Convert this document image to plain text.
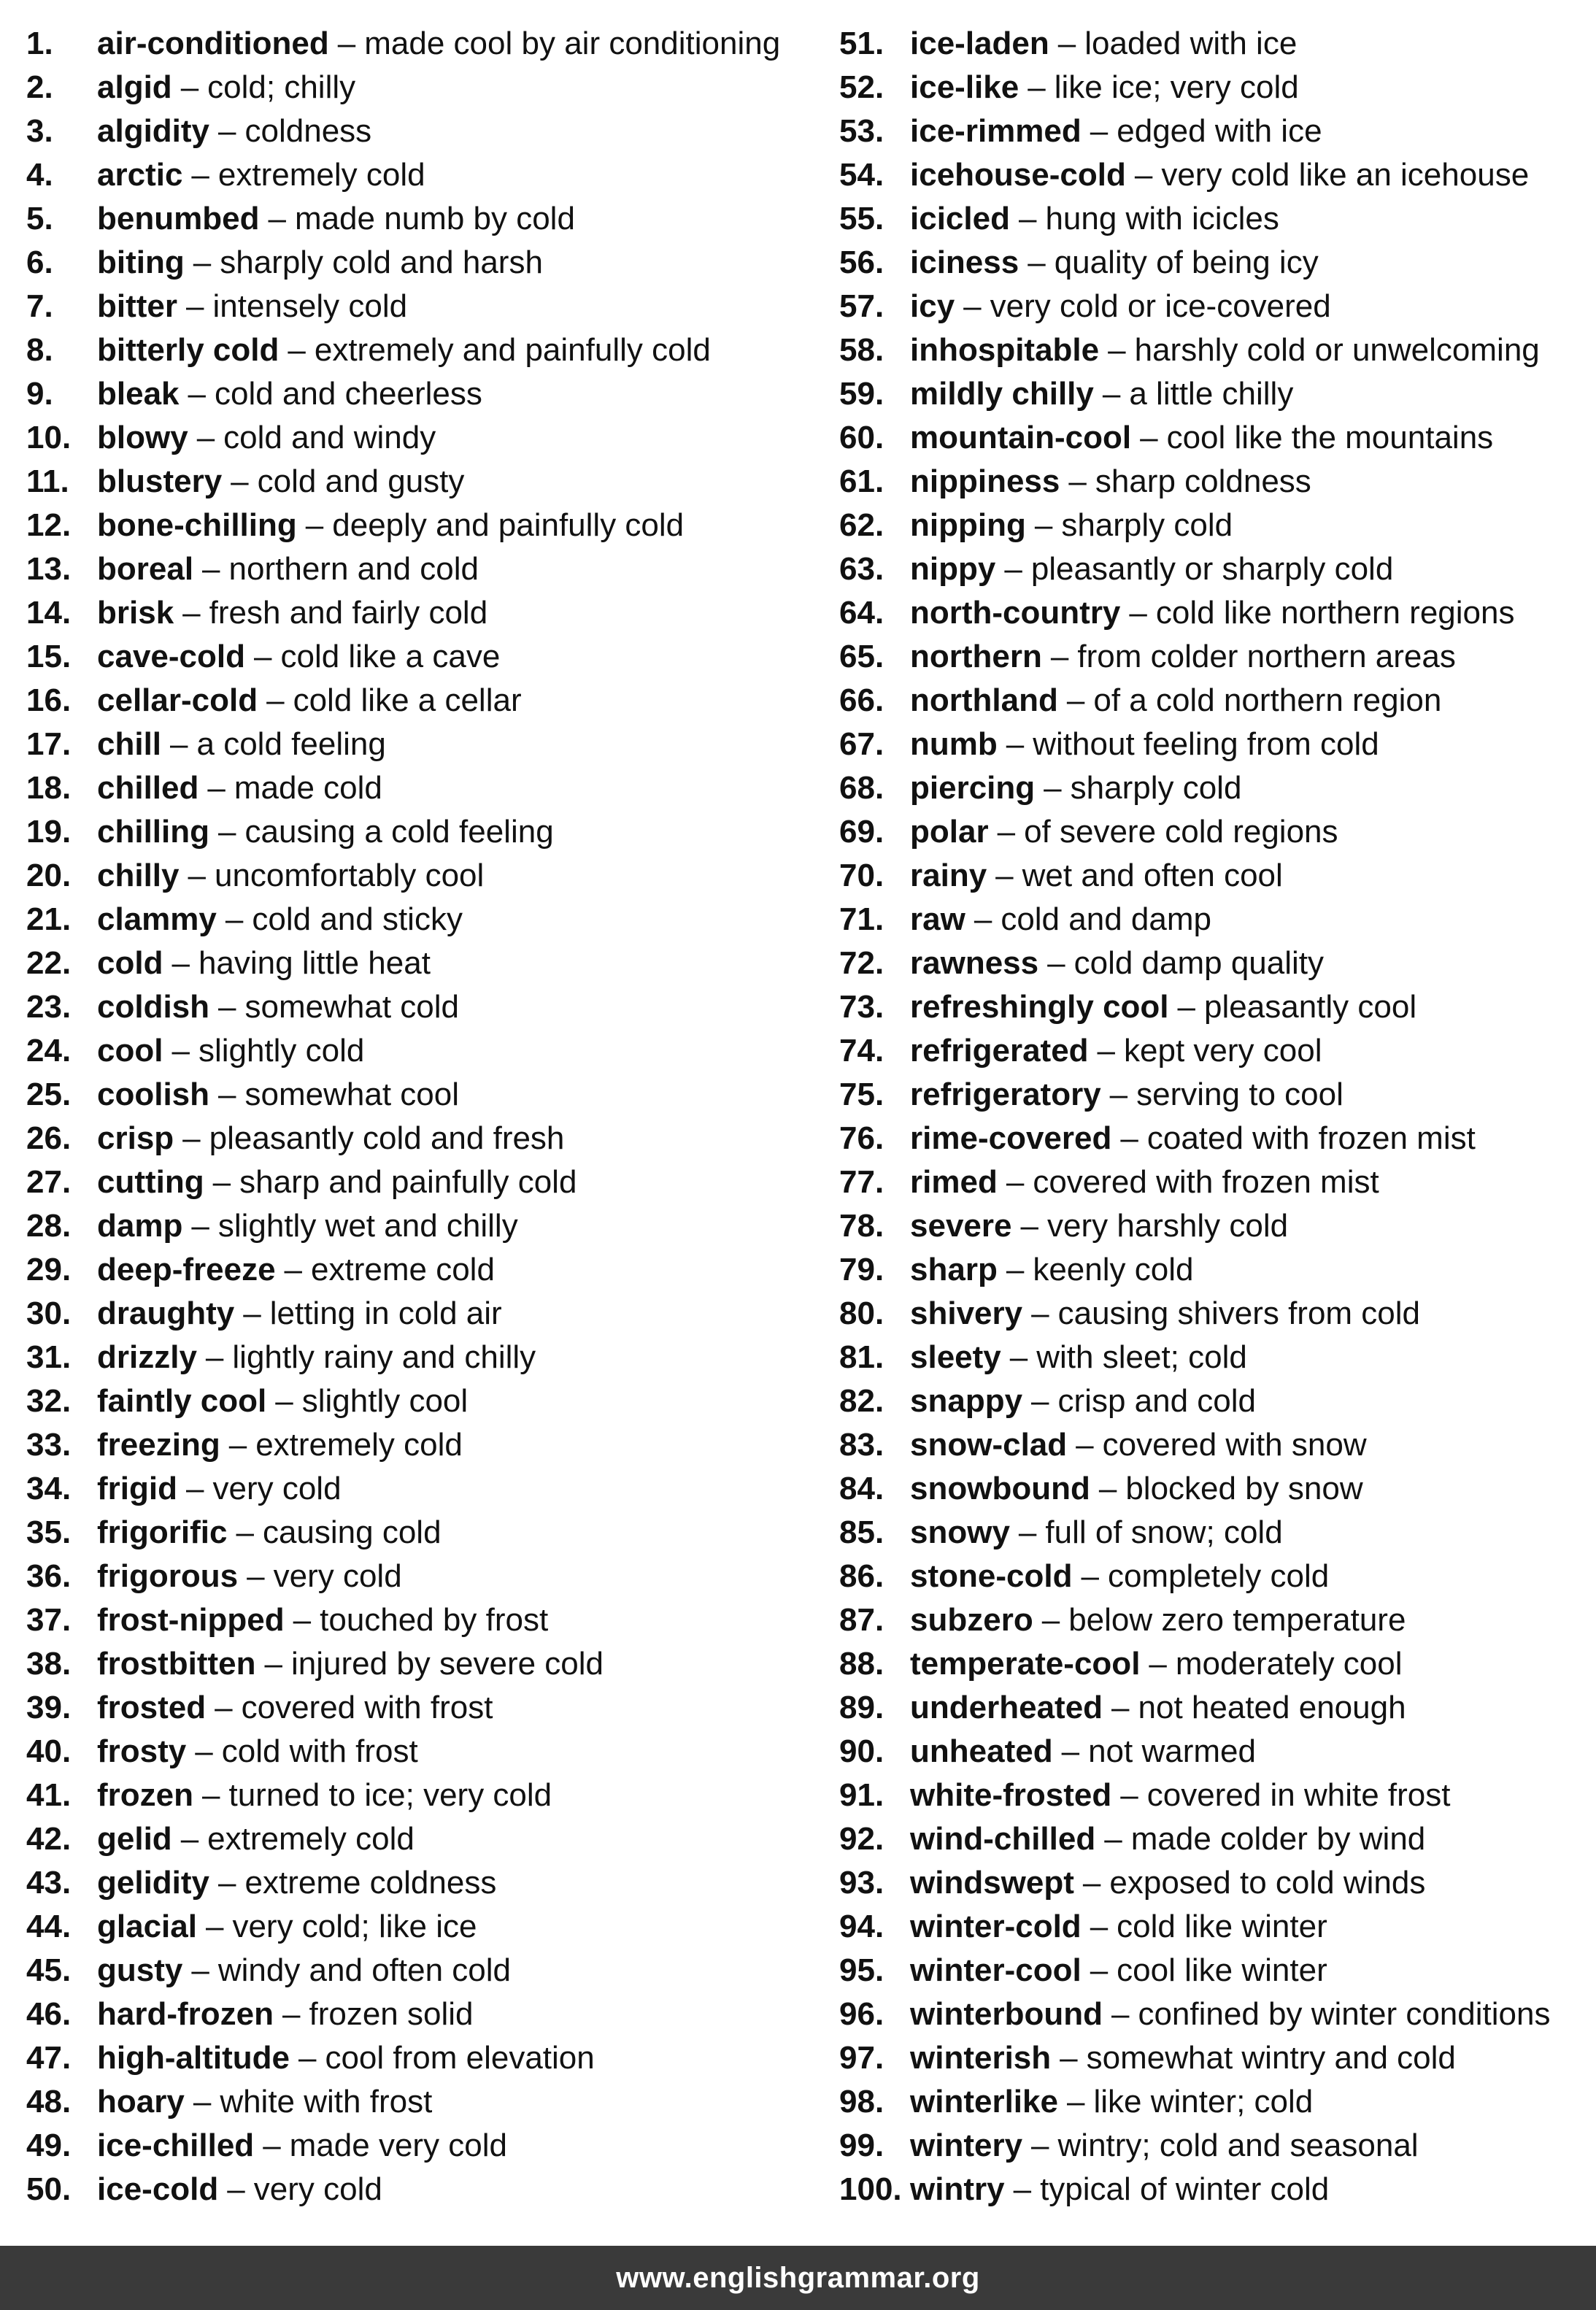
1.	air-conditioned – made cool by air conditioning
2.	algid – cold; chilly
3.	algidity – coldness
4.	arctic – extremely cold
5.	benumbed – made numb by cold
6.	biting – sharply cold and harsh
7.	bitter – intensely cold
8.	bitterly cold – extremely and painfully cold
9.	bleak – cold and cheerless
10. blowy – cold and windy
11. blustery – cold and gusty
12. bone-chilling – deeply and painfully cold
13. boreal – northern and cold
14. brisk – fresh and fairly cold
15. cave-cold – cold like a cave
16. cellar-cold – cold like a cellar
17. chill – a cold feeling
18. chilled – made cold
19. chilling – causing a cold feeling
20. chilly – uncomfortably cool
21. clammy – cold and sticky
22. cold – having little heat
23. coldish – somewhat cold
24. cool – slightly cold
25. coolish – somewhat cool
26. crisp – pleasantly cold and fresh
27. cutting – sharp and painfully cold
28. damp – slightly wet and chilly
29. deep-freeze – extreme cold
30. draughty – letting in cold air
31. drizzly – lightly rainy and chilly
32. faintly cool – slightly cool
33. freezing – extremely cold
34. frigid – very cold
35. frigorific – causing cold
36. frigorous – very cold
37. frost-nipped – touched by frost
38. frostbitten – injured by severe cold
39. frosted – covered with frost
40. frosty – cold with frost
41. frozen – turned to ice; very cold
42. gelid – extremely cold
43. gelidity – extreme coldness
44. glacial – very cold; like ice
45. gusty – windy and often cold
46. hard-frozen – frozen solid
47. high-altitude – cool from elevation
48. hoary – white with frost
49. ice-chilled – made very cold
50. ice-cold – very cold
51. ice-laden – loaded with ice
52. ice-like – like ice; very cold
53. ice-rimmed – edged with ice
54. icehouse-cold – very cold like an icehouse
55. icicled – hung with icicles
56. iciness – quality of being icy
57. icy – very cold or ice-covered
58. inhospitable – harshly cold or unwelcoming
59. mildly chilly – a little chilly
60. mountain-cool – cool like the mountains
61. nippiness – sharp coldness
62. nipping – sharply cold
63. nippy – pleasantly or sharply cold
64. north-country – cold like northern regions
65. northern – from colder northern areas
66. northland – of a cold northern region
67. numb – without feeling from cold
68. piercing – sharply cold
69. polar – of severe cold regions
70. rainy – wet and often cool
71. raw – cold and damp
72. rawness – cold damp quality
73. refreshingly cool – pleasantly cool
74. refrigerated – kept very cool
75. refrigeratory – serving to cool
76. rime-covered – coated with frozen mist
77. rimed – covered with frozen mist
78. severe – very harshly cold
79. sharp – keenly cold
80. shivery – causing shivers from cold
81. sleety – with sleet; cold
82. snappy – crisp and cold
83. snow-clad – covered with snow
84. snowbound – blocked by snow
85. snowy – full of snow; cold
86. stone-cold – completely cold
87. subzero – below zero temperature
88. temperate-cool – moderately cool
89. underheated – not heated enough
90. unheated – not warmed
91. white-frosted – covered in white frost
92. wind-chilled – made colder by wind
93. windswept – exposed to cold winds
94. winter-cold – cold like winter
95. winter-cool – cool like winter
96. winterbound – confined by winter conditions
97. winterish – somewhat wintry and cold
98. winterlike – like winter; cold
99. wintery – wintry; cold and seasonal
100. wintry – typical of winter cold
www.englishgrammar.org
